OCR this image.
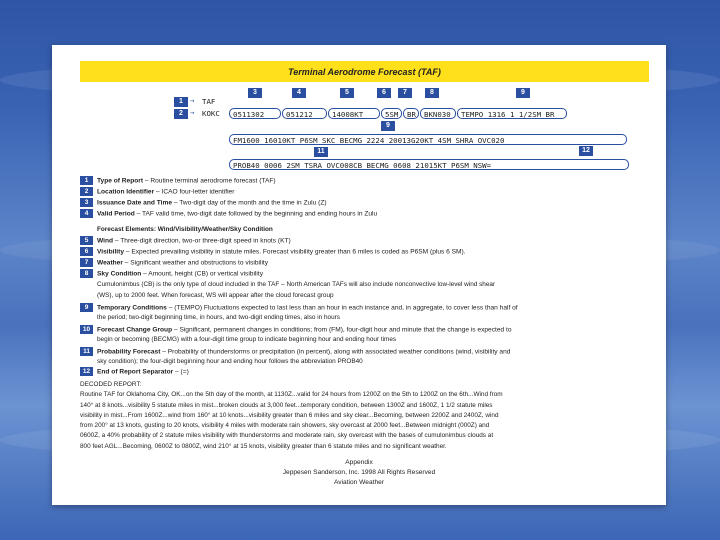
Terminal Aerodrome Forecast (TAF)
1 → TAF
2 → KOKC
3	4	5	6	7	8	9
0511302	051212	14008KT	5SM	BR	BKN030	TEMPO 1316 1 1/2SM BR
9
FM1600 16010KT P6SM SKC BECMG 2224 20013G20KT 4SM SHRA OVC020
11	12
PROB40 0006 2SM TSRA OVC008CB BECMG 0608 21015KT P6SM NSW=
1 Type of Report – Routine terminal aerodrome forecast (TAF)
2 Location Identifier – ICAO four-letter identifier
3 Issuance Date and Time – Two-digit day of the month and the time in Zulu (Z)
4 Valid Period – TAF valid time, two-digit date followed by the beginning and ending hours in Zulu
Forecast Elements: Wind/Visibility/Weather/Sky Condition
5 Wind – Three-digit direction, two-or three-digit speed in knots (KT)
6 Visibility – Expected prevailing visibility in statute miles. Forecast visibility greater than 6 miles is coded as P6SM (plus 6 SM).
7 Weather – Significant weather and obstructions to visibility
8 Sky Condition – Amount, height (CB) or vertical visibility
Cumulonimbus (CB) is the only type of cloud included in the TAF – North American TAFs will also include nonconvective low-level wind shear
(WS), up to 2000 feet. When forecast, WS will appear after the cloud forecast group
9 Temporary Conditions – (TEMPO) Fluctuations expected to last less than an hour in each instance and, in aggregate, to cover less than half of
the period; two-digit beginning time, in hours, and two-digit ending times, also in hours
10 Forecast Change Group – Significant, permanent changes in conditions; from (FM), four-digit hour and minute that the change is expected to
begin or becoming (BECMG) with a four-digit time group to indicate beginning hour and ending hour times
11 Probability Forecast – Probability of thunderstorms or precipitation (in percent), along with associated weather conditions (wind, visibility and
sky condition); the four-digit beginning hour and ending hour follows the abbreviation PROB40
12 End of Report Separator – (=)
DECODED REPORT:
Routine TAF for Oklahoma City, OK...on the 5th day of the month, at 1130Z...valid for 24 hours from 1200Z on the 5th to 1200Z on the 6th...Wind from
140° at 8 knots...visibility 5 statute miles in mist...broken clouds at 3,000 feet...temporary condition, between 1300Z and 1600Z, 1 1/2 statute miles
visibility in mist...From 1600Z...wind from 160° at 10 knots...visibility greater than 6 miles and sky clear...Becoming, between 2200Z and 2400Z, wind
from 200° at 13 knots, gusting to 20 knots, visibility 4 miles with moderate rain showers, sky overcast at 2000 feet...Between midnight (000Z) and
0600Z, a 40% probability of 2 statute miles visibility with thunderstorms and moderate rain, sky overcast with the bases of cumulonimbus clouds at
800 feet AGL...Becoming, 0600Z to 0800Z, wind 210° at 15 knots, visibility greater than 6 statute miles and no significant weather.
Appendix
Jeppesen Sanderson, Inc. 1998 All Rights Reserved
Aviation Weather
